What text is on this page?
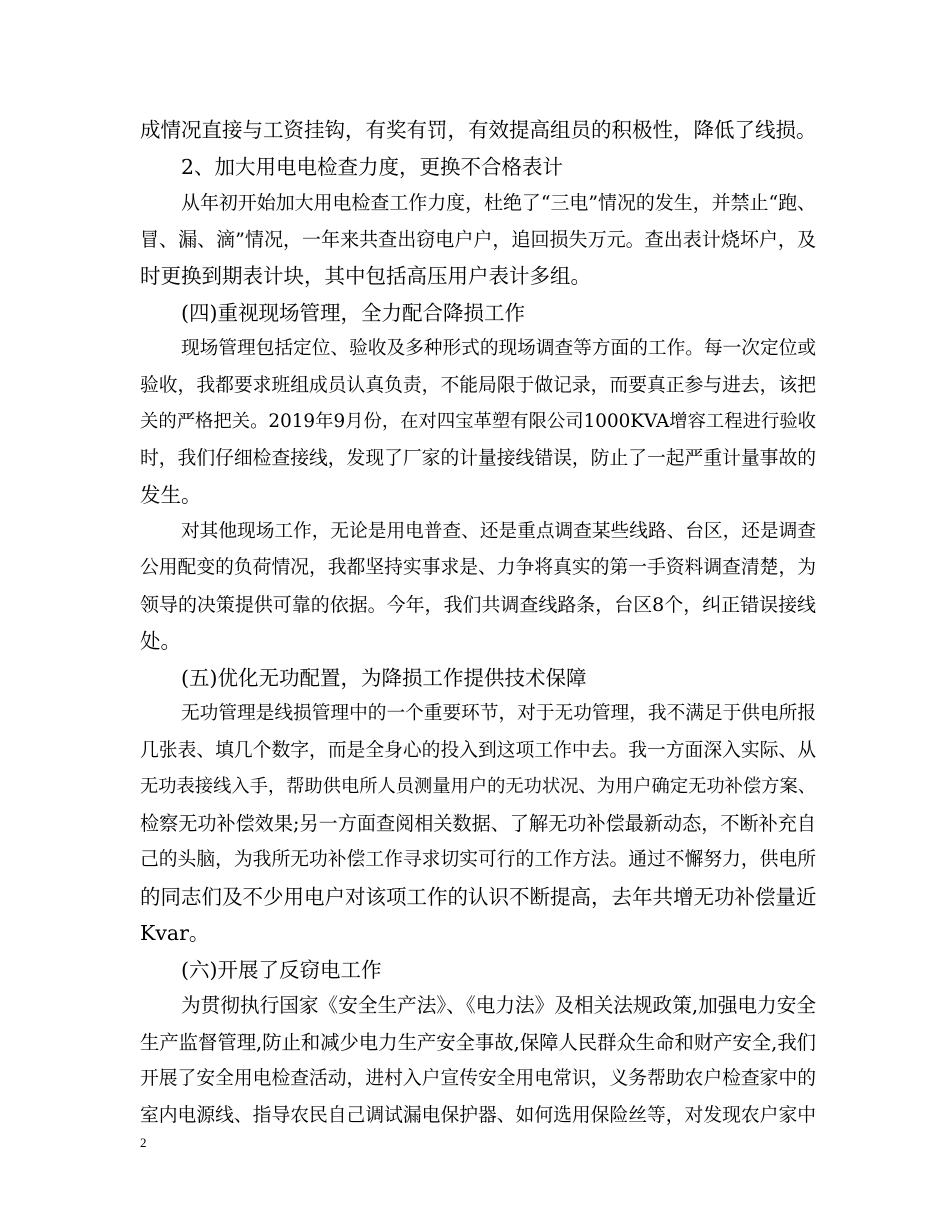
成情况直接与工资挂钩，有奖有罚，有效提高组员的积极性，降低了线损。
2、加大用电电检查力度，更换不合格表计
从年初开始加大用电检查工作力度，杜绝了“三电”情况的发生，并禁止“跑、
冒、漏、滴”情况，一年来共查出窃电户户，追回损失万元。查出表计烧坏户，及
时更换到期表计块，其中包括高压用户表计多组。
(四)重视现场管理，全力配合降损工作
现场管理包括定位、验收及多种形式的现场调查等方面的工作。每一次定位或
验收，我都要求班组成员认真负责，不能局限于做记录，而要真正参与进去，该把
关的严格把关。2019年9月份，在对四宝革塑有限公司1000KVA增容工程进行验收
时，我们仔细检查接线，发现了厂家的计量接线错误，防止了一起严重计量事故的
发生。
对其他现场工作，无论是用电普查、还是重点调查某些线路、台区，还是调查
公用配变的负荷情况，我都坚持实事求是、力争将真实的第一手资料调查清楚，为
领导的决策提供可靠的依据。今年，我们共调查线路条，台区8个，纠正错误接线
处。
(五)优化无功配置，为降损工作提供技术保障
无功管理是线损管理中的一个重要环节，对于无功管理，我不满足于供电所报
几张表、填几个数字，而是全身心的投入到这项工作中去。我一方面深入实际、从
无功表接线入手，帮助供电所人员测量用户的无功状况、为用户确定无功补偿方案、
检察无功补偿效果;另一方面查阅相关数据、了解无功补偿最新动态，不断补充自
己的头脑，为我所无功补偿工作寻求切实可行的工作方法。通过不懈努力，供电所
的同志们及不少用电户对该项工作的认识不断提高，去年共增无功补偿量近
Kvar。
(六)开展了反窃电工作
为贯彻执行国家《安全生产法》、《电力法》及相关法规政策,加强电力安全
生产监督管理,防止和减少电力生产安全事故,保障人民群众生命和财产安全,我们
开展了安全用电检查活动，进村入户宣传安全用电常识，义务帮助农户检查家中的
室内电源线、指导农民自己调试漏电保护器、如何选用保险丝等，对发现农户家中
2
